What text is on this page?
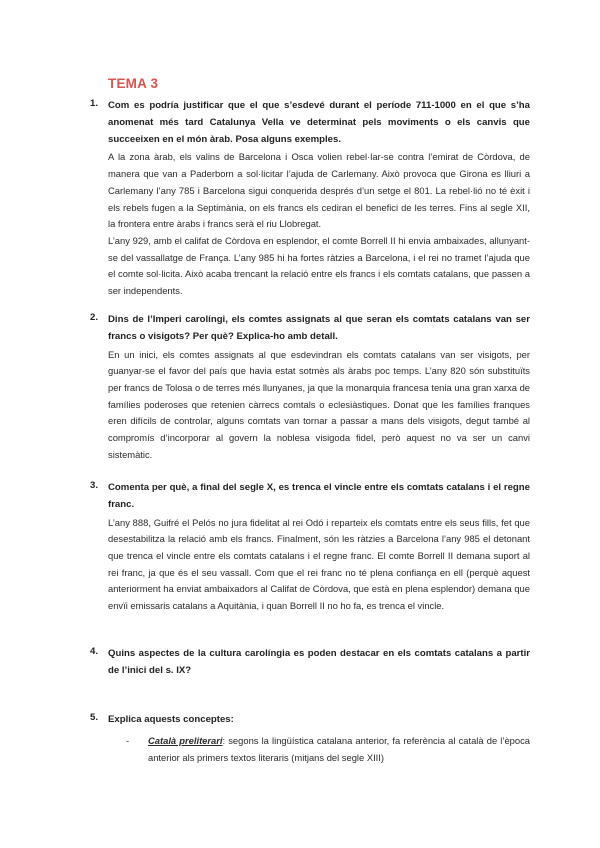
TEMA 3
1. Com es podría justificar que el que s’esdevé durant el període 711-1000 en el que s’ha anomenat més tard Catalunya Vella ve determinat pels moviments o els canvis que succeeixen en el món àrab. Posa alguns exemples.

A la zona àrab, els valins de Barcelona i Osca volien rebel·lar-se contra l’emirat de Còrdova, de manera que van a Paderborn a sol·licitar l’ajuda de Carlemany. Això provoca que Girona es lliuri a Carlemany l’any 785 i Barcelona sigui conquerida després d’un setge el 801. La rebel·lió no té èxit i els rebels fugen a la Septimània, on els francs els cediran el benefici de les terres. Fins al segle XII, la frontera entre àrabs i francs serà el riu Llobregat.

L’any 929, amb el califat de Còrdova en esplendor, el comte Borrell II hi envia ambaixades, allunyant-se del vassallatge de França. L’any 985 hi ha fortes ràtzies a Barcelona, i el rei no tramet l’ajuda que el comte sol·licita. Això acaba trencant la relació entre els francs i els comtats catalans, que passen a ser independents.

2. Dins de l’Imperi carolíngi, els comtes assignats al que seran els comtats catalans van ser francs o visigots? Per què? Explica-ho amb detall.

En un inici, els comtes assignats al que esdevindran els comtats catalans van ser visigots, per guanyar-se el favor del país que havia estat sotmès als àrabs poc temps. L’any 820 són substituïts per francs de Tolosa o de terres més llunyanes, ja que la monarquia francesa tenia una gran xarxa de famílies poderoses que retenien càrrecs comtals o eclesiàstiques. Donat que les famílies franques eren difícils de controlar, alguns comtats van tornar a passar a mans dels visigots, degut també al compromís d’incorporar al govern la noblesa visigoda fidel, però aquest no va ser un canvi sistemàtic.

3. Comenta per què, a final del segle X, es trenca el vincle entre els comtats catalans i el regne franc.

L’any 888, Guifré el Pelós no jura fidelitat al rei Odó i reparteix els comtats entre els seus fills, fet que desestabilitza la relació amb els francs. Finalment, són les ràtzies a Barcelona l’any 985 el detonant que trenca el vincle entre els comtats catalans i el regne franc. El comte Borrell II demana suport al rei franc, ja que és el seu vassall. Com que el rei franc no té plena confiança en ell (perquè aquest anteriorment ha enviat ambaixadors al Califat de Còrdova, que està en plena esplendor) demana que envïi emissaris catalans a Aquitània, i quan Borrell II no ho fa, es trenca el vincle.

4. Quins aspectes de la cultura carolíngia es poden destacar en els comtats catalans a partir de l’inici del s. IX?
5. Explica aquests conceptes:
- Català preliterari: segons la lingüística catalana anterior, fa referència al català de l’època anterior als primers textos literaris (mitjans del segle XIII)
